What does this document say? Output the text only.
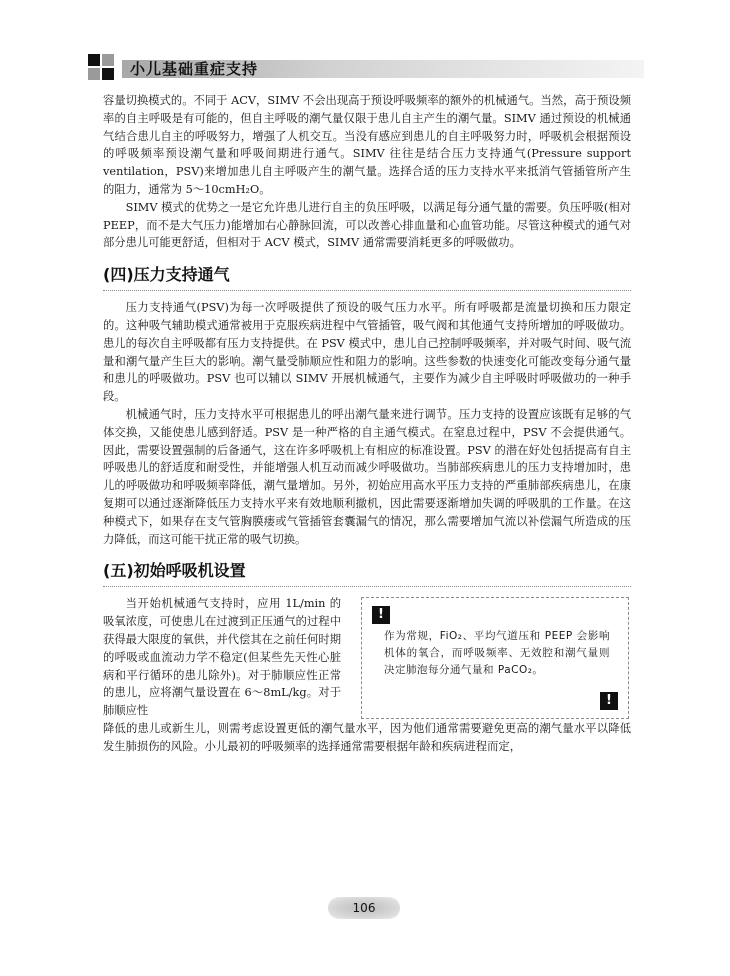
小儿基础重症支持

容量切换模式的。不同于 ACV，SIMV 不会出现高于预设呼吸频率的额外的机械通气。当然，高于预设频率的自主呼吸是有可能的，但自主呼吸的潮气量仅限于患儿自主产生的潮气量。SIMV 通过预设的机械通气结合患儿自主的呼吸努力，增强了人机交互。当没有感应到患儿的自主呼吸努力时，呼吸机会根据预设的呼吸频率预设潮气量和呼吸间期进行通气。SIMV 往往是结合压力支持通气(Pressure support ventilation，PSV)来增加患儿自主呼吸产生的潮气量。选择合适的压力支持水平来抵消气管插管所产生的阻力，通常为 5～10cmH₂O。

SIMV 模式的优势之一是它允许患儿进行自主的负压呼吸，以满足每分通气量的需要。负压呼吸(相对 PEEP，而不是大气压力)能增加右心静脉回流，可以改善心排血量和心血管功能。尽管这种模式的通气对部分患儿可能更舒适，但相对于 ACV 模式，SIMV 通常需要消耗更多的呼吸做功。

(四)压力支持通气

压力支持通气(PSV)为每一次呼吸提供了预设的吸气压力水平。所有呼吸都是流量切换和压力限定的。这种吸气辅助模式通常被用于克服疾病进程中气管插管，吸气阀和其他通气支持所增加的呼吸做功。患儿的每次自主呼吸都有压力支持提供。在 PSV 模式中，患儿自己控制呼吸频率，并对吸气时间、吸气流量和潮气量产生巨大的影响。潮气量受肺顺应性和阻力的影响。这些参数的快速变化可能改变每分通气量和患儿的呼吸做功。PSV 也可以辅以 SIMV 开展机械通气，主要作为减少自主呼吸时呼吸做功的一种手段。

机械通气时，压力支持水平可根据患儿的呼出潮气量来进行调节。压力支持的设置应该既有足够的气体交换，又能使患儿感到舒适。PSV 是一种严格的自主通气模式。在窒息过程中，PSV 不会提供通气。因此，需要设置强制的后备通气，这在许多呼吸机上有相应的标准设置。PSV 的潜在好处包括提高有自主呼吸患儿的舒适度和耐受性，并能增强人机互动而减少呼吸做功。当肺部疾病患儿的压力支持增加时，患儿的呼吸做功和呼吸频率降低，潮气量增加。另外，初始应用高水平压力支持的严重肺部疾病患儿，在康复期可以通过逐渐降低压力支持水平来有效地顺利撤机，因此需要逐渐增加失调的呼吸肌的工作量。在这种模式下，如果存在支气管胸膜瘘或气管插管套囊漏气的情况，那么需要增加气流以补偿漏气所造成的压力降低，而这可能干扰正常的吸气切换。

(五)初始呼吸机设置
!
作为常规，FiO₂、平均气道压和 PEEP 会影响机体的氧合，而呼吸频率、无效腔和潮气量则决定肺泡每分通气量和 PaCO₂。
!

当开始机械通气支持时，应用 1L/min 的吸氧浓度，可使患儿在过渡到正压通气的过程中获得最大限度的氧供，并代偿其在之前任何时期的呼吸或血流动力学不稳定(但某些先天性心脏病和平行循环的患儿除外)。对于肺顺应性正常的患儿，应将潮气量设置在 6～8mL/kg。对于肺顺应性

降低的患儿或新生儿，则需考虑设置更低的潮气量水平，因为他们通常需要避免更高的潮气量水平以降低发生肺损伤的风险。小儿最初的呼吸频率的选择通常需要根据年龄和疾病进程而定，

106
